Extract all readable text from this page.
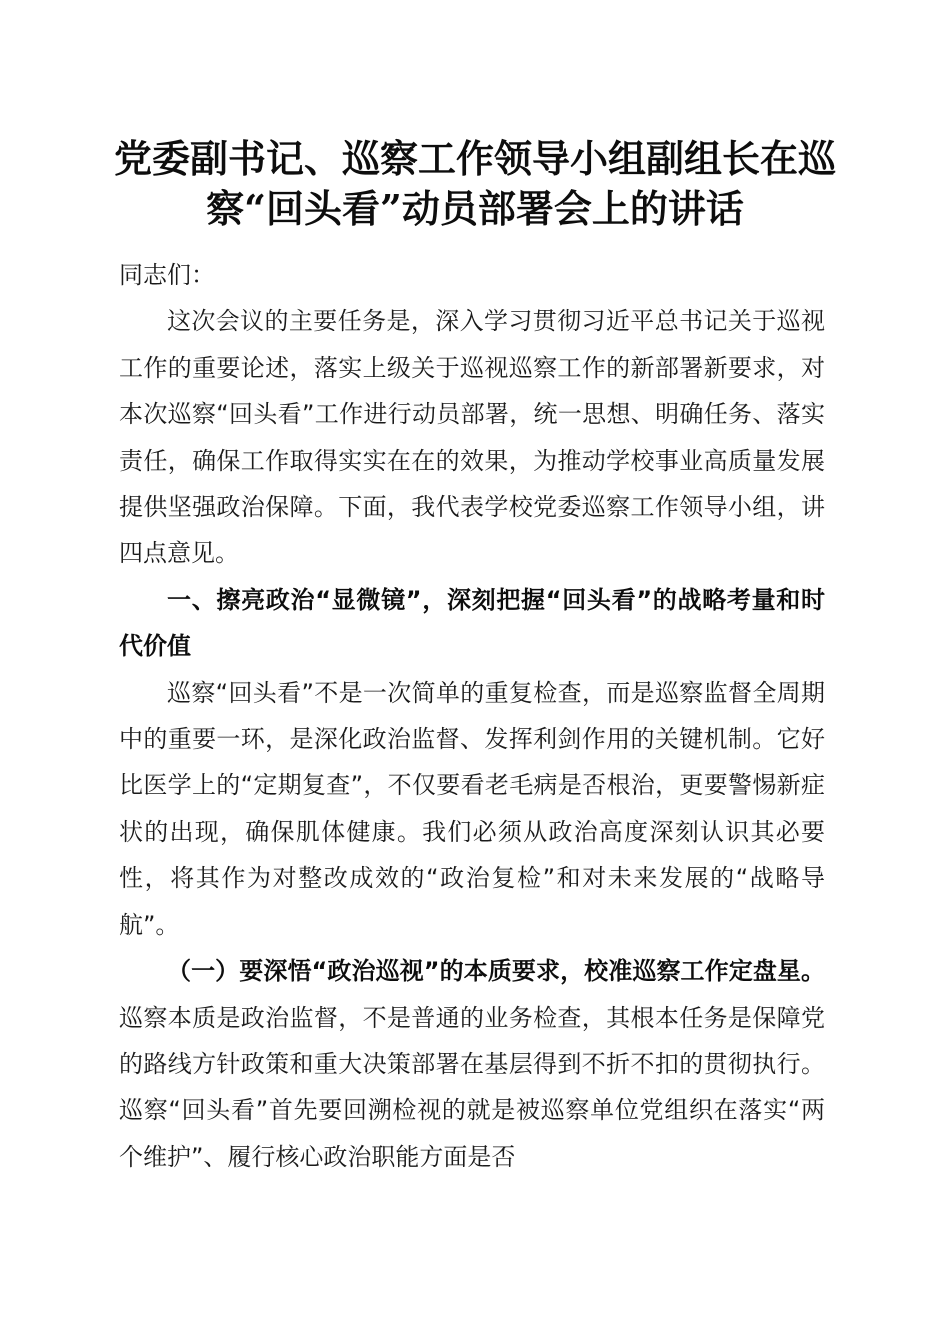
党委副书记、巡察工作领导小组副组长在巡
察“回头看”动员部署会上的讲话

同志们：

这次会议的主要任务是，深入学习贯彻习近平总书记关于巡视工作的重要论述，落实上级关于巡视巡察工作的新部署新要求，对本次巡察“回头看”工作进行动员部署，统一思想、明确任务、落实责任，确保工作取得实实在在的效果，为推动学校事业高质量发展提供坚强政治保障。下面，我代表学校党委巡察工作领导小组，讲四点意见。

一、擦亮政治“显微镜”，深刻把握“回头看”的战略考量和时代价值

巡察“回头看”不是一次简单的重复检查，而是巡察监督全周期中的重要一环，是深化政治监督、发挥利剑作用的关键机制。它好比医学上的“定期复查”，不仅要看老毛病是否根治，更要警惕新症状的出现，确保肌体健康。我们必须从政治高度深刻认识其必要性，将其作为对整改成效的“政治复检”和对未来发展的“战略导航”。

（一）要深悟“政治巡视”的本质要求，校准巡察工作定盘星。巡察本质是政治监督，不是普通的业务检查，其根本任务是保障党的路线方针政策和重大决策部署在基层得到不折不扣的贯彻执行。巡察“回头看”首先要回溯检视的就是被巡察单位党组织在落实“两个维护”、履行核心政治职能方面是否
